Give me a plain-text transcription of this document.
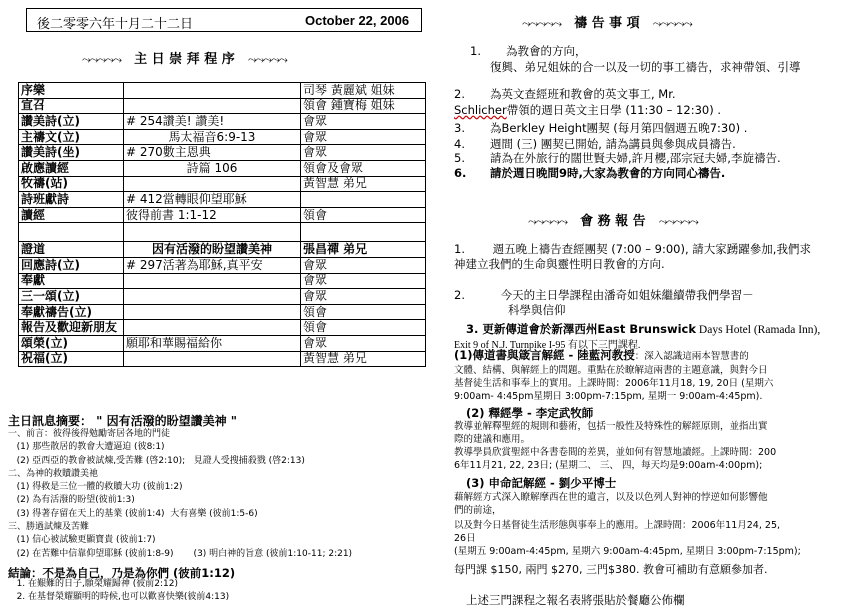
後二零零六年十月二十二日	October 22, 2006
⤳⤳⤳⤳⤳ 主 日 崇 拜 程 序 ⤳⤳⤳⤳⤳
序樂		司琴 黃麗斌 姐妹
宣召		領會 鍾寶梅 姐妹
讚美詩(立)	# 254讚美! 讚美!	會眾
主禱文(立)	馬太福音6:9-13	會眾
讚美詩(坐)	# 270數主恩典	會眾
啟應讀經	詩篇 106	領會及會眾
牧禱(站)		黃智慧 弟兄
詩班獻詩	# 412當轉眼仰望耶穌	
讀經	彼得前書 1:1-12	領會

證道	因有活潑的盼望讚美神	張昌禪 弟兄
回應詩(立)	# 297活著為耶穌,真平安	會眾
奉獻		會眾
三一頌(立)		會眾
奉獻禱告(立)		領會
報告及歡迎新朋友		領會
頌榮(立)	願耶和華賜福給你	會眾
祝福(立)		黃智慧 弟兄
主日訊息摘要： " 因有活潑的盼望讚美神 "
一、前言：彼得後得勉勵寄居各地的門徒
(1) 那些散居的教會大遭逼迫 (彼8:1)
(2) 亞西亞的教會被試煉,受苦難 (啓2:10);   見證人受搜捕殺戮 (啓2:13)
二、為神的救贖讚美祂
(1) 得救是三位一體的救贖大功 (彼前1:2)
(2) 為有活潑的盼望(彼前1:3)
(3) 得著存留在天上的基業 (彼前1:4)  大有喜樂 (彼前1:5-6)
三、勝過試煉及苦難
(1) 信心被試驗更顯寶貴 (彼前1:7)
(2) 在苦難中信靠仰望耶穌 (彼前1:8-9)       (3) 明白神的旨意 (彼前1:10-11; 2:21)
結論：不是為自己，乃是為你們 (彼前1:12)
1. 在艱難的日子,願榮耀歸神 (彼前2:12)
2. 在基督榮耀顯明的時候,也可以歡喜快樂(彼前4:13)
⤳⤳⤳⤳⤳ 禱 告 事 項 ⤳⤳⤳⤳⤳
1. 為教會的方向，
復興、弟兄姐妹的合一以及一切的事工禱告，求神帶領、引導
2. 為英文查經班和教會的英文事工, Mr.
Schlicher帶領的週日英文主日學 (11:30 – 12:30) .
3. 為Berkley Height團契 (每月第四個週五晚7:30) .
4. 週間 (三) 團契已開始, 請為講員與參與成員禱告.
5. 請為在外旅行的闊世賢夫婦,許月櫻,邵宗冠夫婦,李旋禱告.
6. 請於週日晚間9時,大家為教會的方向同心禱告.
⤳⤳⤳⤳⤳ 會 務 報 告 ⤳⤳⤳⤳⤳
1. 週五晚上禱告查經團契 (7:00 – 9:00), 請大家踴躍參加,我們求
神建立我們的生命與靈性明日教會的方向.
2.	今天的主日學課程由潘奇如姐妹繼續帶我們學習－
科學與信仰
3. 更新傳道會於新澤西州East Brunswick Days Hotel (Ramada Inn),
Exit 9 of N.J. Turnpike I-95 有以下三門課程.
(1)傳道書與箴言解經 - 陸藍河教授：深入認識這兩本智慧書的
文體、結構、與解經上的問題。重點在於瞭解這兩書的主題意識，與對今日
基督徒生活和事奉上的實用。上課時間：2006年11月18, 19, 20日 (星期六
9:00am- 4:45pm星期日 3:00pm-7:15pm, 星期一 9:00am-4:45pm).
(2) 釋經學 - 李定武牧師
教導並解釋聖經的規則和藝術，包括一般性及特殊性的解經原則，並指出實
際的建議和應用。
教導學員欣賞聖經中各書卷間的差異，並如何有智慧地讀經。上課時間：200
6年11月21, 22, 23日; (星期二、 三、 四，每天均是9:00am-4:00pm);
(3) 申命記解經 - 劉少平博士
藉解經方式深入瞭解摩西在世的遺言，以及以色列人對神的悖逆如何影響他
們的前途，
以及對今日基督徒生活形態與事奉上的應用。上課時間：2006年11月24, 25,
26日
(星期五 9:00am-4:45pm, 星期六 9:00am-4:45pm, 星期日 3:00pm-7:15pm);
每門課 $150, 兩門 $270, 三門$380. 教會可補助有意願參加者.
上述三門課程之報名表將張貼於餐廳公佈欄
